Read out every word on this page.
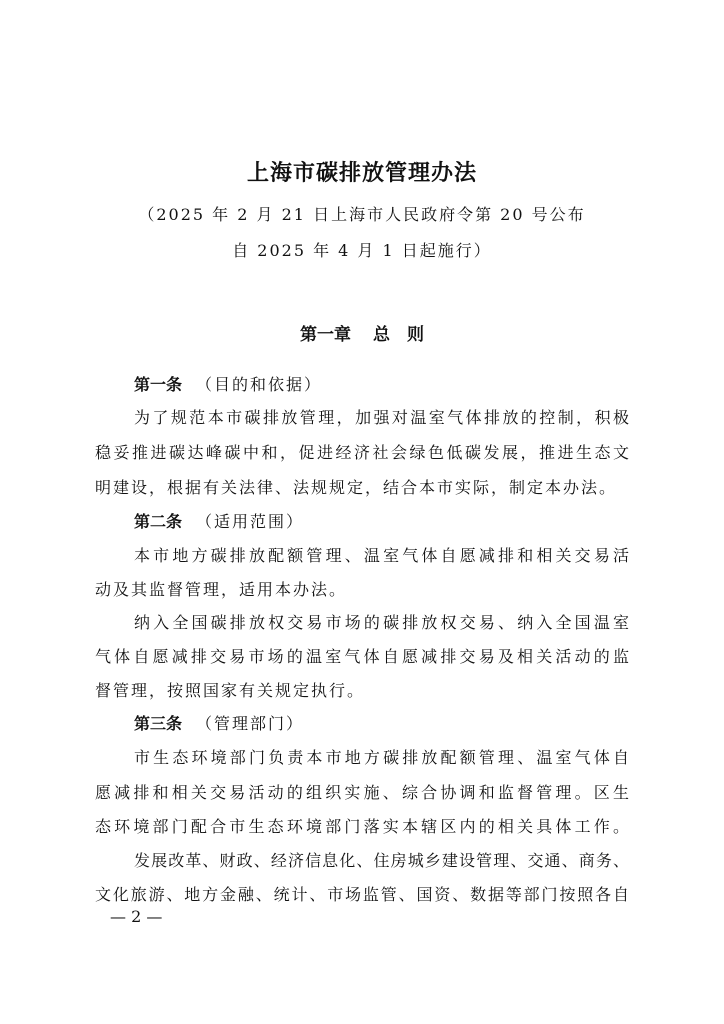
上海市碳排放管理办法
（2025 年 2 月 21 日上海市人民政府令第 20 号公布
自 2025 年 4 月 1 日起施行）
第一章 总　则
第一条 （目的和依据）
为了规范本市碳排放管理，加强对温室气体排放的控制，积极
稳妥推进碳达峰碳中和，促进经济社会绿色低碳发展，推进生态文
明建设，根据有关法律、法规规定，结合本市实际，制定本办法。
第二条 （适用范围）
本市地方碳排放配额管理、温室气体自愿减排和相关交易活
动及其监督管理，适用本办法。
纳入全国碳排放权交易市场的碳排放权交易、纳入全国温室
气体自愿减排交易市场的温室气体自愿减排交易及相关活动的监
督管理，按照国家有关规定执行。
第三条 （管理部门）
市生态环境部门负责本市地方碳排放配额管理、温室气体自
愿减排和相关交易活动的组织实施、综合协调和监督管理。区生
态环境部门配合市生态环境部门落实本辖区内的相关具体工作。
发展改革、财政、经济信息化、住房城乡建设管理、交通、商务、
文化旅游、地方金融、统计、市场监管、国资、数据等部门按照各自
— 2 —
